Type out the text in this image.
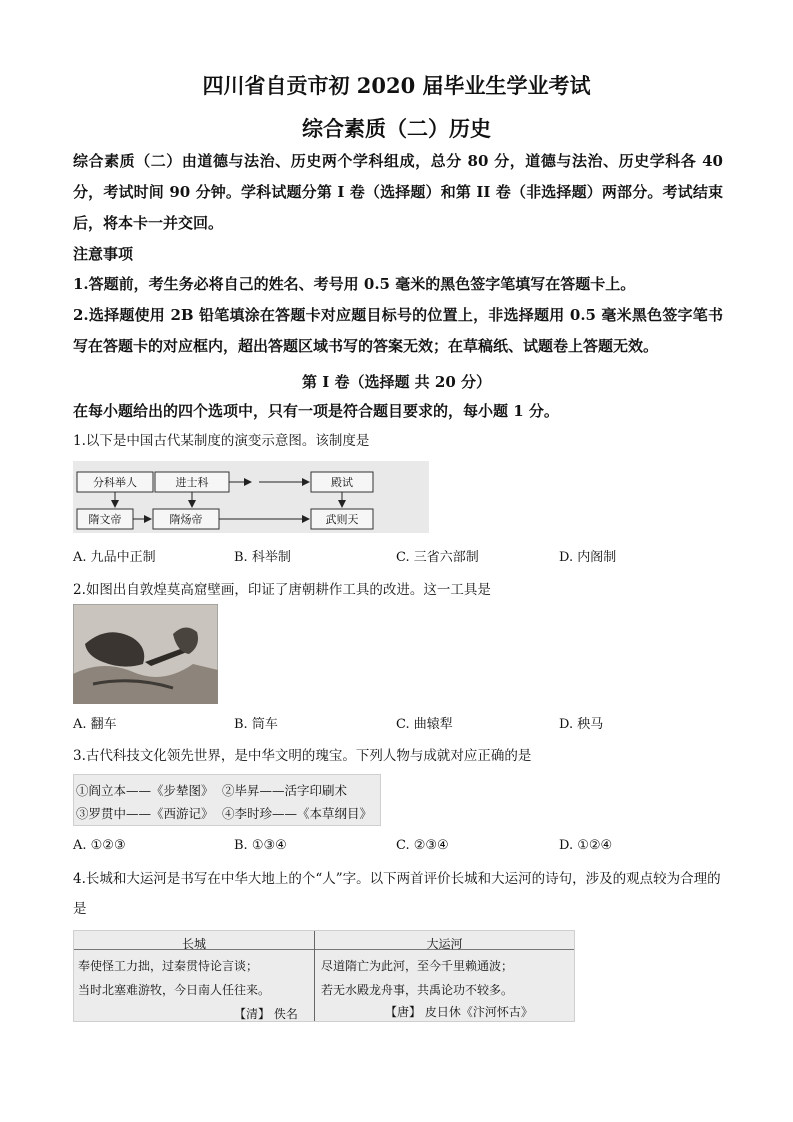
四川省自贡市初 2020 届毕业生学业考试
综合素质（二）历史
综合素质（二）由道德与法治、历史两个学科组成，总分 80 分，道德与法治、历史学科各 40 分，考试时间 90 分钟。学科试题分第 I 卷（选择题）和第 II 卷（非选择题）两部分。考试结束后，将本卡一并交回。
注意事项
1.答题前，考生务必将自己的姓名、考号用 0.5 毫米的黑色签字笔填写在答题卡上。
2.选择题使用 2B 铅笔填涂在答题卡对应题目标号的位置上，非选择题用 0.5 毫米黑色签字笔书写在答题卡的对应框内，超出答题区域书写的答案无效；在草稿纸、试题卷上答题无效。
第 I 卷（选择题 共 20 分）
在每小题给出的四个选项中，只有一项是符合题目要求的，每小题 1 分。
1.以下是中国古代某制度的演变示意图。该制度是
分科举人	进士科	殿试
隋文帝	隋炀帝	武则天
A. 九品中正制	B. 科举制	C. 三省六部制	D. 内阁制
2.如图出自敦煌莫高窟壁画，印证了唐朝耕作工具的改进。这一工具是
A. 翻车	B. 筒车	C. 曲辕犁	D. 秧马
3.古代科技文化领先世界，是中华文明的瑰宝。下列人物与成就对应正确的是
①阎立本——《步辇图》 ②毕昇——活字印刷术
③罗贯中——《西游记》 ④李时珍——《本草纲目》
A. ①②③	B. ①③④	C. ②③④	D. ①②④
4.长城和大运河是书写在中华大地上的个“人”字。以下两首评价长城和大运河的诗句，涉及的观点较为合理的是
长城
奉使怪工力拙，过秦贯恃论言谈；
当时北塞难游牧，今日南人任往来。
【清】 佚名
大运河
尽道隋亡为此河，至今千里赖通波；
若无水殿龙舟事，共禹论功不较多。
【唐】 皮日休《汴河怀古》
